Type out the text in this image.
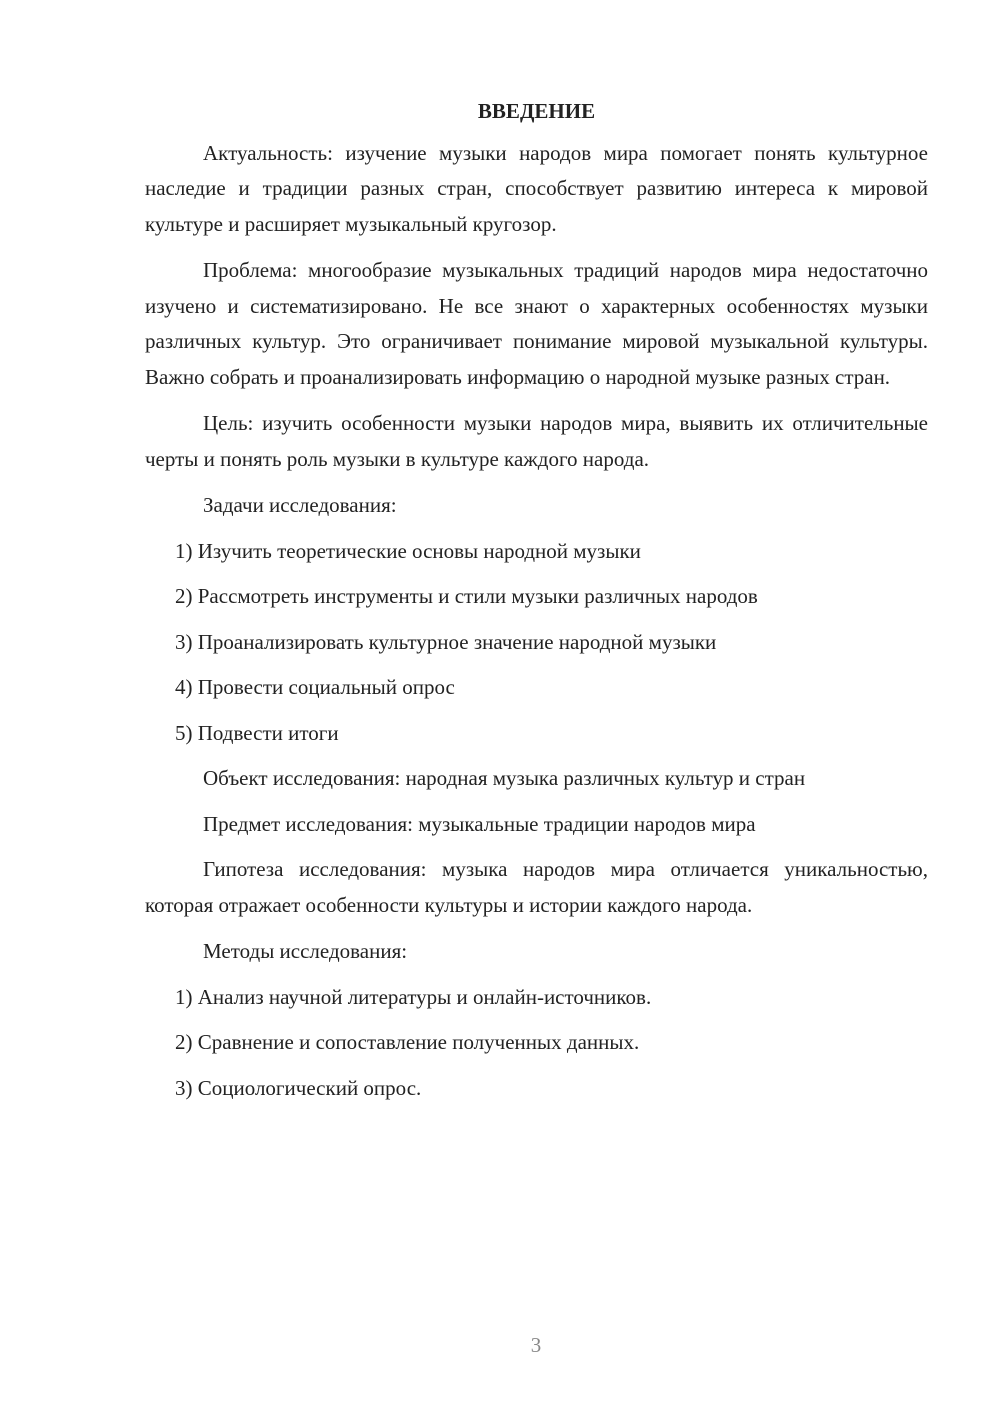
ВВЕДЕНИЕ
Актуальность: изучение музыки народов мира помогает понять культурное наследие и традиции разных стран, способствует развитию интереса к мировой культуре и расширяет музыкальный кругозор.
Проблема: многообразие музыкальных традиций народов мира недостаточно изучено и систематизировано. Не все знают о характерных особенностях музыки различных культур. Это ограничивает понимание мировой музыкальной культуры. Важно собрать и проанализировать информацию о народной музыке разных стран.
Цель: изучить особенности музыки народов мира, выявить их отличительные черты и понять роль музыки в культуре каждого народа.
Задачи исследования:
1) Изучить теоретические основы народной музыки
2) Рассмотреть инструменты и стили музыки различных народов
3) Проанализировать культурное значение народной музыки
4) Провести социальный опрос
5) Подвести итоги
Объект исследования: народная музыка различных культур и стран
Предмет исследования: музыкальные традиции народов мира
Гипотеза исследования: музыка народов мира отличается уникальностью, которая отражает особенности культуры и истории каждого народа.
Методы исследования:
1) Анализ научной литературы и онлайн-источников.
2) Сравнение и сопоставление полученных данных.
3) Социологический опрос.
3
